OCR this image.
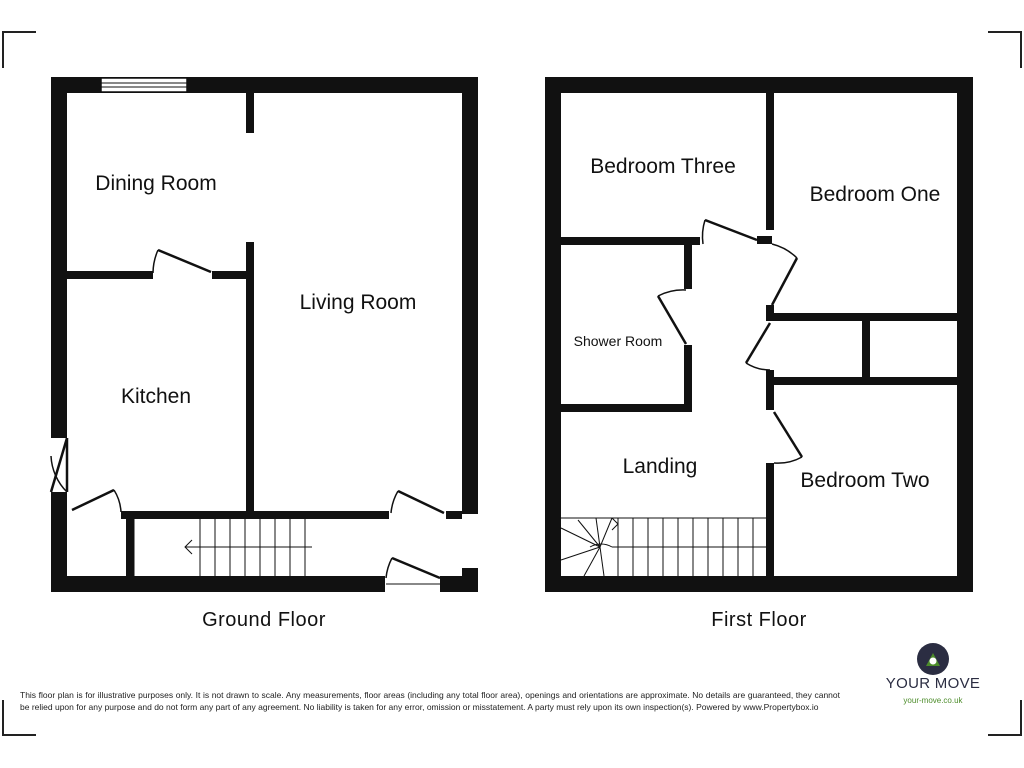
Dining Room
Living Room
Kitchen
Ground Floor
Bedroom Three
Bedroom One
Shower Room
Landing
Bedroom Two
First Floor
This floor plan is for illustrative purposes only. It is not drawn to scale. Any measurements, floor areas (including any total floor area), openings and orientations are approximate. No details are guaranteed, they cannot be relied upon for any purpose and do not form any part of any agreement. No liability is taken for any error, omission or misstatement. A party must rely upon its own inspection(s). Powered by www.Propertybox.io
YOUR MOVE
your-move.co.uk
